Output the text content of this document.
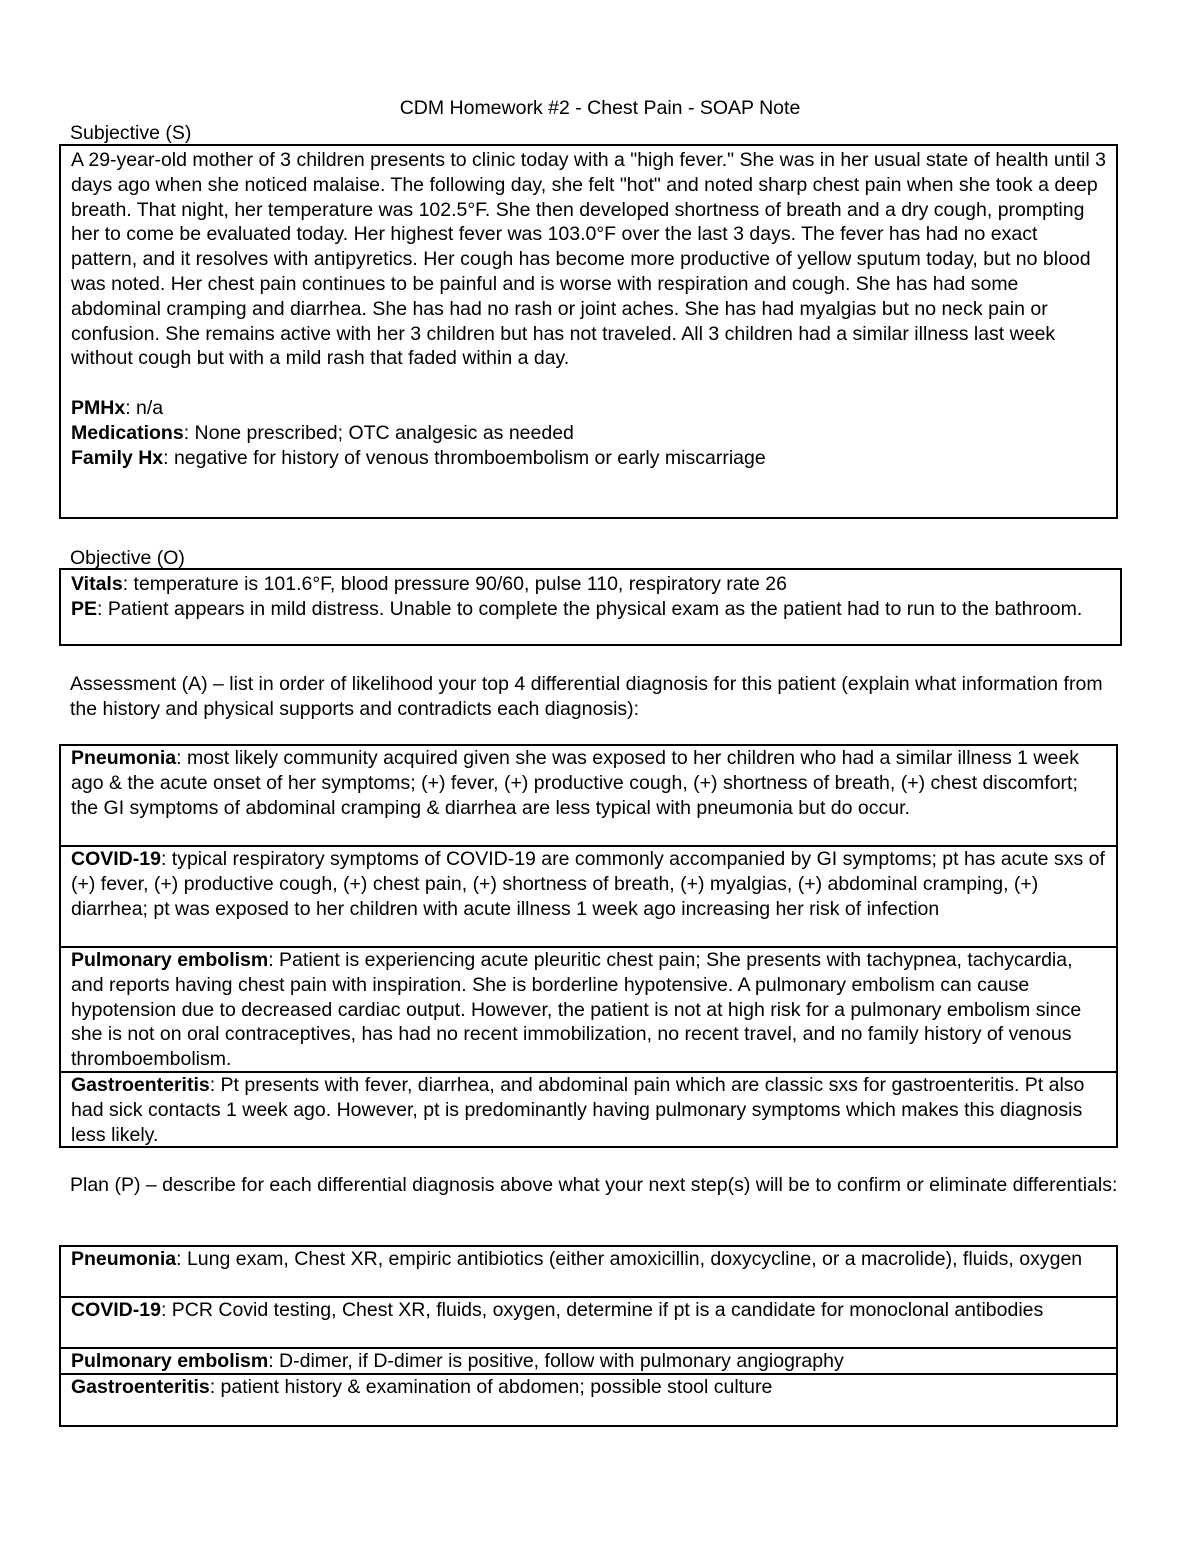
CDM Homework #2 - Chest Pain - SOAP Note
Subjective (S)

A 29-year-old mother of 3 children presents to clinic today with a "high fever." She was in her usual state of health until 3 days ago when she noticed malaise. The following day, she felt "hot" and noted sharp chest pain when she took a deep breath. That night, her temperature was 102.5°F. She then developed shortness of breath and a dry cough, prompting her to come be evaluated today. Her highest fever was 103.0°F over the last 3 days. The fever has had no exact pattern, and it resolves with antipyretics. Her cough has become more productive of yellow sputum today, but no blood was noted. Her chest pain continues to be painful and is worse with respiration and cough. She has had some abdominal cramping and diarrhea. She has had no rash or joint aches. She has had myalgias but no neck pain or confusion. She remains active with her 3 children but has not traveled. All 3 children had a similar illness last week without cough but with a mild rash that faded within a day.

PMHx: n/a

Medications: None prescribed; OTC analgesic as needed

Family Hx: negative for history of venous thromboembolism or early miscarriage

Objective (O)

Vitals: temperature is 101.6°F, blood pressure 90/60, pulse 110, respiratory rate 26

PE: Patient appears in mild distress. Unable to complete the physical exam as the patient had to run to the bathroom.

Assessment (A) – list in order of likelihood your top 4 differential diagnosis for this patient (explain what information from the history and physical supports and contradicts each diagnosis):
Pneumonia: most likely community acquired given she was exposed to her children who had a similar illness 1 week ago & the acute onset of her symptoms; (+) fever, (+) productive cough, (+) shortness of breath, (+) chest discomfort; the GI symptoms of abdominal cramping & diarrhea are less typical with pneumonia but do occur.
COVID-19: typical respiratory symptoms of COVID-19 are commonly accompanied by GI symptoms; pt has acute sxs of (+) fever, (+) productive cough, (+) chest pain, (+) shortness of breath, (+) myalgias, (+) abdominal cramping, (+) diarrhea; pt was exposed to her children with acute illness 1 week ago increasing her risk of infection
Pulmonary embolism: Patient is experiencing acute pleuritic chest pain; She presents with tachypnea, tachycardia, and reports having chest pain with inspiration. She is borderline hypotensive. A pulmonary embolism can cause hypotension due to decreased cardiac output. However, the patient is not at high risk for a pulmonary embolism since she is not on oral contraceptives, has had no recent immobilization, no recent travel, and no family history of venous thromboembolism.
Gastroenteritis: Pt presents with fever, diarrhea, and abdominal pain which are classic sxs for gastroenteritis. Pt also had sick contacts 1 week ago. However, pt is predominantly having pulmonary symptoms which makes this diagnosis less likely.
Plan (P) – describe for each differential diagnosis above what your next step(s) will be to confirm or eliminate differentials:
Pneumonia: Lung exam, Chest XR, empiric antibiotics (either amoxicillin, doxycycline, or a macrolide), fluids, oxygen
COVID-19: PCR Covid testing, Chest XR, fluids, oxygen, determine if pt is a candidate for monoclonal antibodies
Pulmonary embolism: D-dimer, if D-dimer is positive, follow with pulmonary angiography
Gastroenteritis: patient history & examination of abdomen; possible stool culture
